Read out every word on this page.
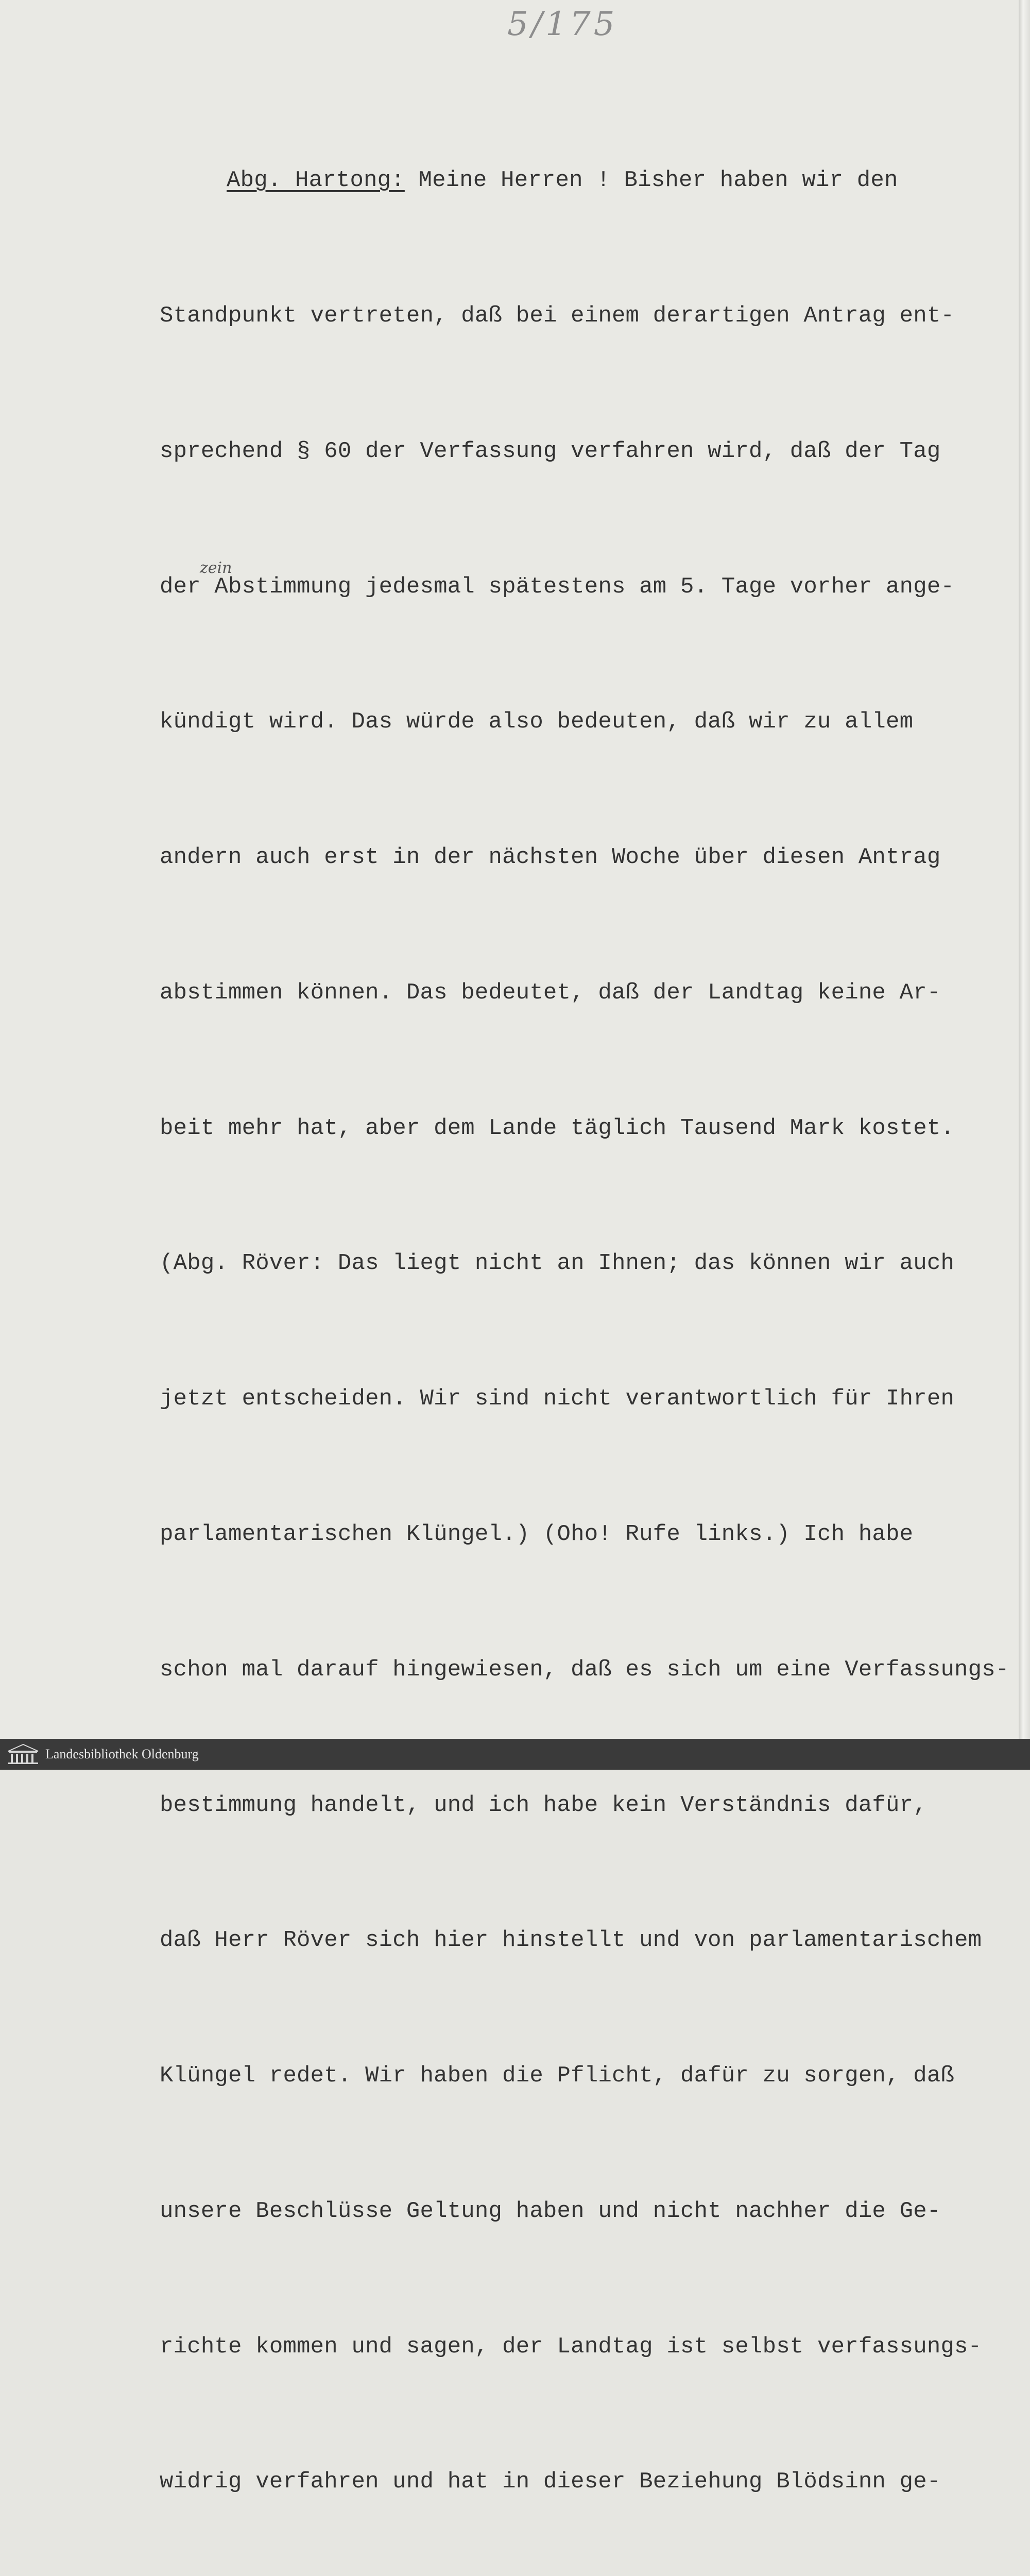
5/175
zein

Abg. Hartong: Meine Herren ! Bisher haben wir den

Standpunkt vertreten, daß bei einem derartigen Antrag ent-

sprechend § 60 der Verfassung verfahren wird, daß der Tag

der Abstimmung jedesmal spätestens am 5. Tage vorher ange-

kündigt wird. Das würde also bedeuten, daß wir zu allem

andern auch erst in der nächsten Woche über diesen Antrag

abstimmen können. Das bedeutet, daß der Landtag keine Ar-

beit mehr hat, aber dem Lande täglich Tausend Mark kostet.

(Abg. Röver: Das liegt nicht an Ihnen; das können wir auch

jetzt entscheiden. Wir sind nicht verantwortlich für Ihren

parlamentarischen Klüngel.) (Oho! Rufe links.) Ich habe

schon mal darauf hingewiesen, daß es sich um eine Verfassungs-

bestimmung handelt, und ich habe kein Verständnis dafür,

daß Herr Röver sich hier hinstellt und von parlamentarischem

Klüngel redet. Wir haben die Pflicht, dafür zu sorgen, daß

unsere Beschlüsse Geltung haben und nicht nachher die Ge-

richte kommen und sagen, der Landtag ist selbst verfassungs-

widrig verfahren und hat in dieser Beziehung Blödsinn ge-

Landesbibliothek Oldenburg
